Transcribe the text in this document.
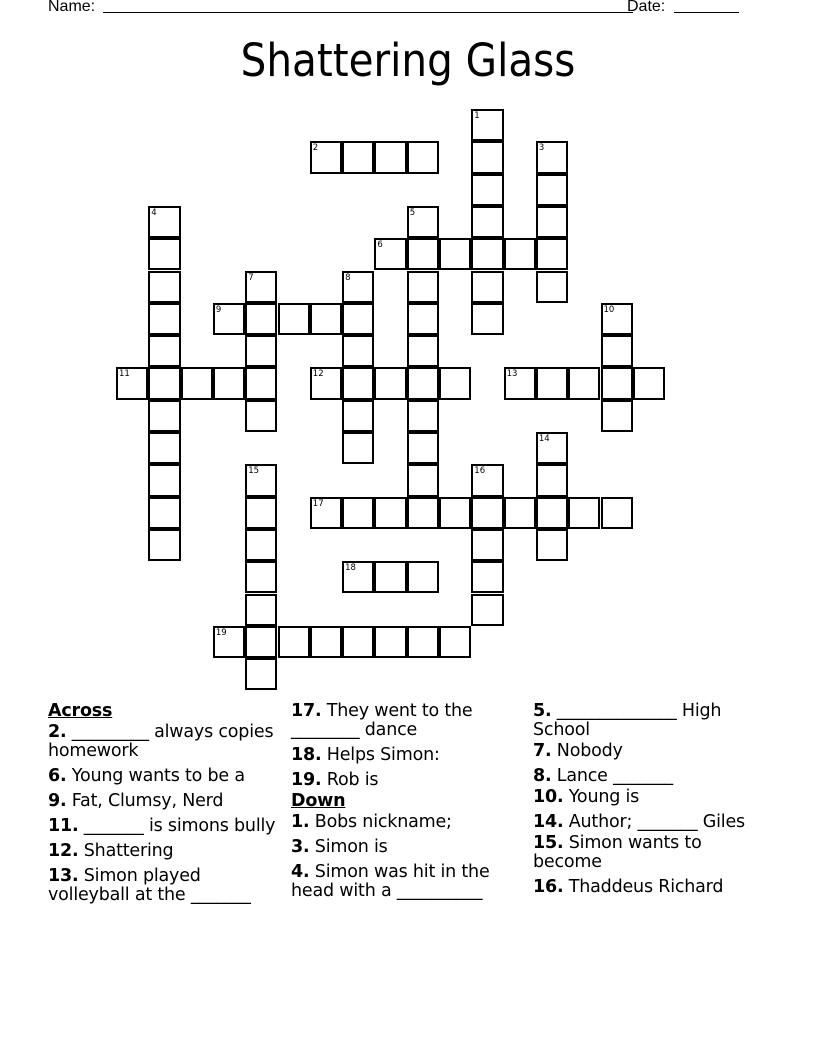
Name:	Date:
Shattering Glass
1
2	3
4	5
6
7	8
9	10
11	12	13
14
15	16
17
18
19
Across
2. _________ always copies homework
6. Young wants to be a
9. Fat, Clumsy, Nerd
11. _______ is simons bully
12. Shattering
13. Simon played volleyball at the _______
17. They went to the ________ dance
18. Helps Simon:
19. Rob is
Down
1. Bobs nickname;
3. Simon is
4. Simon was hit in the head with a __________
5. ______________ High School
7. Nobody
8. Lance _______
10. Young is
14. Author; _______ Giles
15. Simon wants to become
16. Thaddeus Richard
